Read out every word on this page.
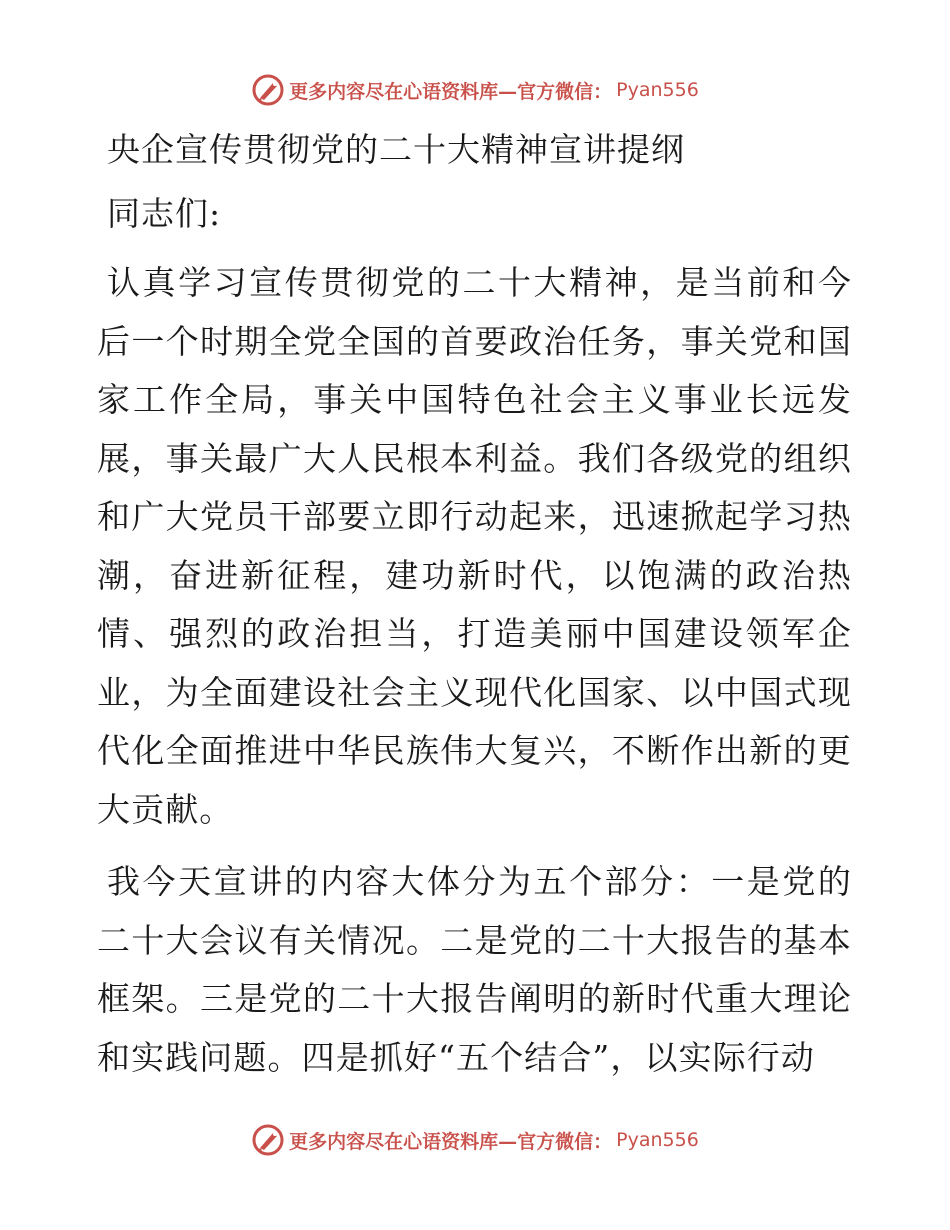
更多内容尽在心语资料库—官方微信： Pyan556
央企宣传贯彻党的二十大精神宣讲提纲

同志们:

认真学习宣传贯彻党的二十大精神，是当前和今后一个时期全党全国的首要政治任务，事关党和国家工作全局，事关中国特色社会主义事业长远发展，事关最广大人民根本利益。我们各级党的组织和广大党员干部要立即行动起来，迅速掀起学习热潮，奋进新征程，建功新时代，以饱满的政治热情、强烈的政治担当，打造美丽中国建设领军企业，为全面建设社会主义现代化国家、以中国式现代化全面推进中华民族伟大复兴，不断作出新的更大贡献。

我今天宣讲的内容大体分为五个部分：一是党的二十大会议有关情况。二是党的二十大报告的基本框架。三是党的二十大报告阐明的新时代重大理论和实践问题。四是抓好“五个结合”，以实际行动

更多内容尽在心语资料库—官方微信： Pyan556
